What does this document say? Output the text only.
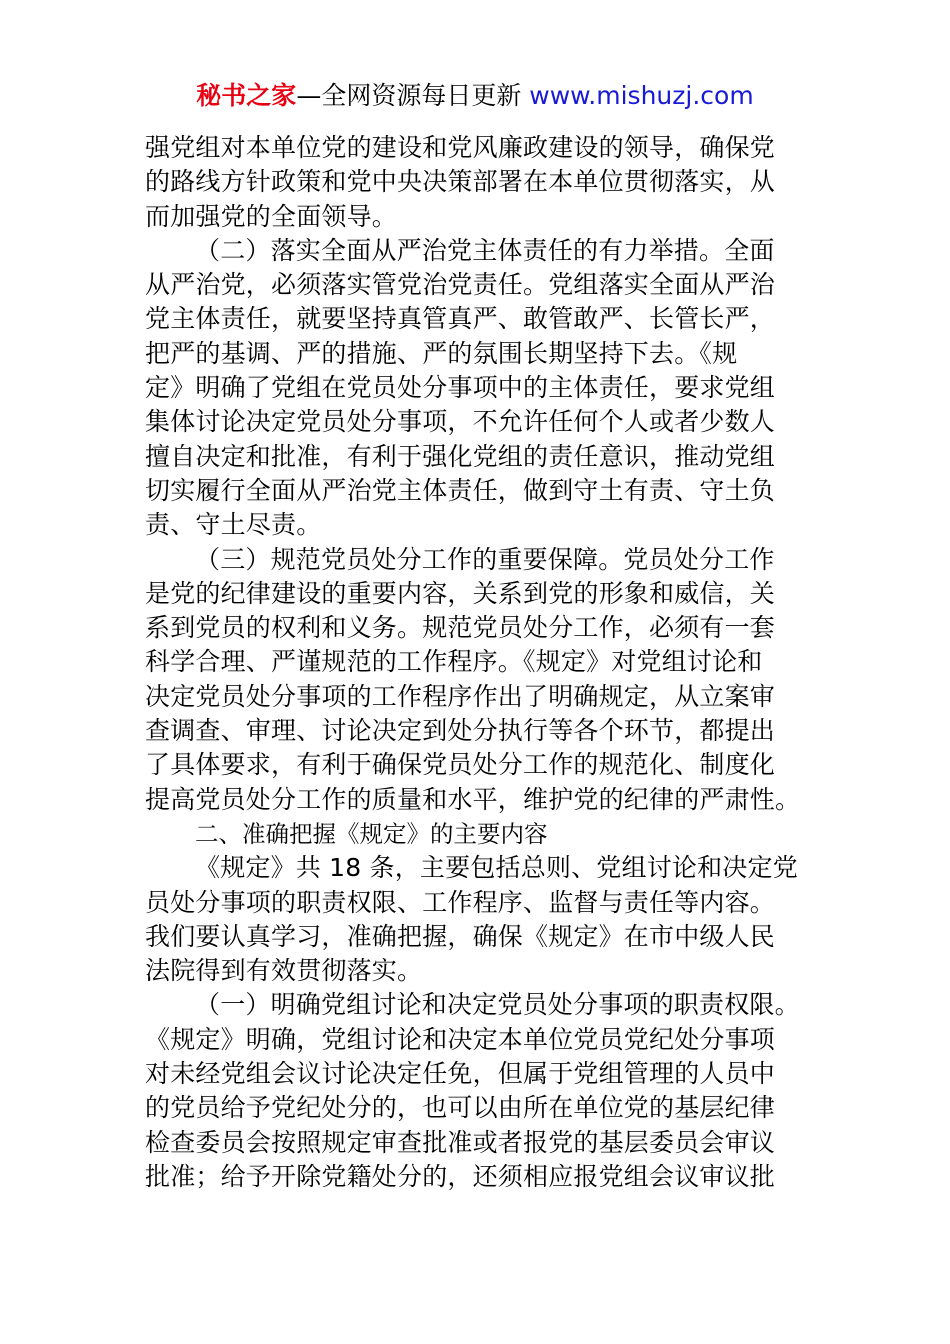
秘书之家—全网资源每日更新 www.mishuzj.com
强党组对本单位党的建设和党风廉政建设的领导，确保党
的路线方针政策和党中央决策部署在本单位贯彻落实，从
而加强党的全面领导。
（二）落实全面从严治党主体责任的有力举措。全面
从严治党，必须落实管党治党责任。党组落实全面从严治
党主体责任，就要坚持真管真严、敢管敢严、长管长严，
把严的基调、严的措施、严的氛围长期坚持下去。《规
定》明确了党组在党员处分事项中的主体责任，要求党组
集体讨论决定党员处分事项，不允许任何个人或者少数人
擅自决定和批准，有利于强化党组的责任意识，推动党组
切实履行全面从严治党主体责任，做到守土有责、守土负
责、守土尽责。
（三）规范党员处分工作的重要保障。党员处分工作
是党的纪律建设的重要内容，关系到党的形象和威信，关
系到党员的权利和义务。规范党员处分工作，必须有一套
科学合理、严谨规范的工作程序。《规定》对党组讨论和
决定党员处分事项的工作程序作出了明确规定，从立案审
查调查、审理、讨论决定到处分执行等各个环节，都提出
了具体要求，有利于确保党员处分工作的规范化、制度化
提高党员处分工作的质量和水平，维护党的纪律的严肃性。
二、准确把握《规定》的主要内容
《规定》共 18 条，主要包括总则、党组讨论和决定党
员处分事项的职责权限、工作程序、监督与责任等内容。
我们要认真学习，准确把握，确保《规定》在市中级人民
法院得到有效贯彻落实。
（一）明确党组讨论和决定党员处分事项的职责权限。
《规定》明确，党组讨论和决定本单位党员党纪处分事项
对未经党组会议讨论决定任免，但属于党组管理的人员中
的党员给予党纪处分的，也可以由所在单位党的基层纪律
检查委员会按照规定审查批准或者报党的基层委员会审议
批准；给予开除党籍处分的，还须相应报党组会议审议批
